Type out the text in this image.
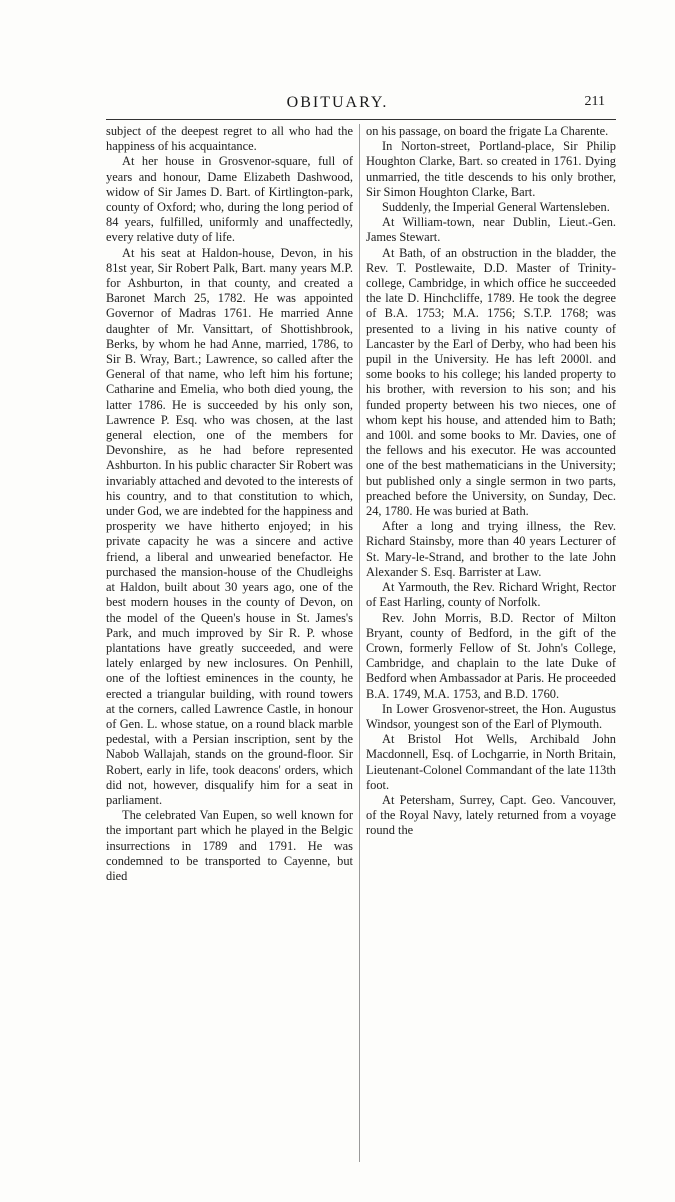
OBITUARY.	211

subject of the deepest regret to all who had the happiness of his acquaintance.

At her house in Grosvenor-square, full of years and honour, Dame Elizabeth Dashwood, widow of Sir James D. Bart. of Kirtlington-park, county of Oxford; who, during the long period of 84 years, fulfilled, uniformly and unaffectedly, every relative duty of life.

At his seat at Haldon-house, Devon, in his 81st year, Sir Robert Palk, Bart. many years M.P. for Ashburton, in that county, and created a Baronet March 25, 1782. He was appointed Governor of Madras 1761. He married Anne daughter of Mr. Vansittart, of Shottishbrook, Berks, by whom he had Anne, married, 1786, to Sir B. Wray, Bart.; Lawrence, so called after the General of that name, who left him his fortune; Catharine and Emelia, who both died young, the latter 1786. He is succeeded by his only son, Lawrence P. Esq. who was chosen, at the last general election, one of the members for Devonshire, as he had before represented Ashburton. In his public character Sir Robert was invariably attached and devoted to the interests of his country, and to that constitution to which, under God, we are indebted for the happiness and prosperity we have hitherto enjoyed; in his private capacity he was a sincere and active friend, a liberal and unwearied benefactor. He purchased the mansion-house of the Chudleighs at Haldon, built about 30 years ago, one of the best modern houses in the county of Devon, on the model of the Queen's house in St. James's Park, and much improved by Sir R. P. whose plantations have greatly succeeded, and were lately enlarged by new inclosures. On Penhill, one of the loftiest eminences in the county, he erected a triangular building, with round towers at the corners, called Lawrence Castle, in honour of Gen. L. whose statue, on a round black marble pedestal, with a Persian inscription, sent by the Nabob Wallajah, stands on the ground-floor. Sir Robert, early in life, took deacons' orders, which did not, however, disqualify him for a seat in parliament.

The celebrated Van Eupen, so well known for the important part which he played in the Belgic insurrections in 1789 and 1791. He was condemned to be transported to Cayenne, but died

on his passage, on board the frigate La Charente.

In Norton-street, Portland-place, Sir Philip Houghton Clarke, Bart. so created in 1761. Dying unmarried, the title descends to his only brother, Sir Simon Houghton Clarke, Bart.

Suddenly, the Imperial General Wartensleben.

At William-town, near Dublin, Lieut.-Gen. James Stewart.

At Bath, of an obstruction in the bladder, the Rev. T. Postlewaite, D.D. Master of Trinity-college, Cambridge, in which office he succeeded the late D. Hinchcliffe, 1789. He took the degree of B.A. 1753; M.A. 1756; S.T.P. 1768; was presented to a living in his native county of Lancaster by the Earl of Derby, who had been his pupil in the University. He has left 2000l. and some books to his college; his landed property to his brother, with reversion to his son; and his funded property between his two nieces, one of whom kept his house, and attended him to Bath; and 100l. and some books to Mr. Davies, one of the fellows and his executor. He was accounted one of the best mathematicians in the University; but published only a single sermon in two parts, preached before the University, on Sunday, Dec. 24, 1780. He was buried at Bath.

After a long and trying illness, the Rev. Richard Stainsby, more than 40 years Lecturer of St. Mary-le-Strand, and brother to the late John Alexander S. Esq. Barrister at Law.

At Yarmouth, the Rev. Richard Wright, Rector of East Harling, county of Norfolk.

Rev. John Morris, B.D. Rector of Milton Bryant, county of Bedford, in the gift of the Crown, formerly Fellow of St. John's College, Cambridge, and chaplain to the late Duke of Bedford when Ambassador at Paris. He proceeded B.A. 1749, M.A. 1753, and B.D. 1760.

In Lower Grosvenor-street, the Hon. Augustus Windsor, youngest son of the Earl of Plymouth.

At Bristol Hot Wells, Archibald John Macdonnell, Esq. of Lochgarrie, in North Britain, Lieutenant-Colonel Commandant of the late 113th foot.

At Petersham, Surrey, Capt. Geo. Vancouver, of the Royal Navy, lately returned from a voyage round the
